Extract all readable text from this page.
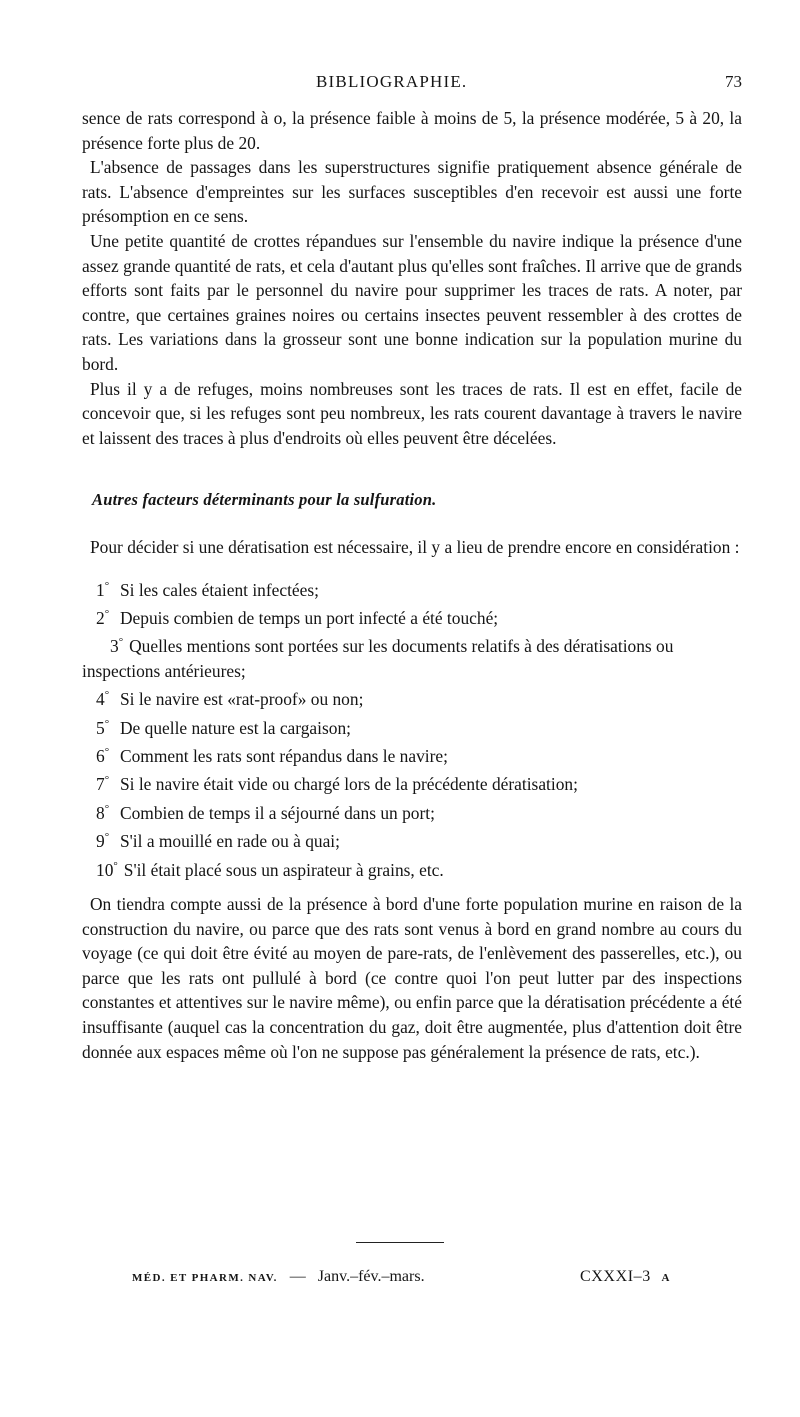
BIBLIOGRAPHIE.	73

sence de rats correspond à o, la présence faible à moins de 5, la présence modérée, 5 à 20, la présence forte plus de 20.

L'absence de passages dans les superstructures signifie pratiquement absence générale de rats. L'absence d'empreintes sur les surfaces susceptibles d'en recevoir est aussi une forte présomption en ce sens.

Une petite quantité de crottes répandues sur l'ensemble du navire indique la présence d'une assez grande quantité de rats, et cela d'autant plus qu'elles sont fraîches. Il arrive que de grands efforts sont faits par le personnel du navire pour supprimer les traces de rats. A noter, par contre, que certaines graines noires ou certains insectes peuvent ressembler à des crottes de rats. Les variations dans la grosseur sont une bonne indication sur la population murine du bord.

Plus il y a de refuges, moins nombreuses sont les traces de rats. Il est en effet, facile de concevoir que, si les refuges sont peu nombreux, les rats courent davantage à travers le navire et laissent des traces à plus d'endroits où elles peuvent être décelées.

Autres facteurs déterminants pour la sulfuration.

Pour décider si une dératisation est nécessaire, il y a lieu de prendre encore en considération :

1° Si les cales étaient infectées;
2° Depuis combien de temps un port infecté a été touché;
3° Quelles mentions sont portées sur les documents relatifs à des dératisations ou inspections antérieures;
4° Si le navire est «rat-proof» ou non;
5° De quelle nature est la cargaison;
6° Comment les rats sont répandus dans le navire;
7° Si le navire était vide ou chargé lors de la précédente dératisation;
8° Combien de temps il a séjourné dans un port;
9° S'il a mouillé en rade ou à quai;
10° S'il était placé sous un aspirateur à grains, etc.

On tiendra compte aussi de la présence à bord d'une forte population murine en raison de la construction du navire, ou parce que des rats sont venus à bord en grand nombre au cours du voyage (ce qui doit être évité au moyen de pare-rats, de l'enlèvement des passerelles, etc.), ou parce que les rats ont pullulé à bord (ce contre quoi l'on peut lutter par des inspections constantes et attentives sur le navire même), ou enfin parce que la dératisation précédente a été insuffisante (auquel cas la concentration du gaz, doit être augmentée, plus d'attention doit être donnée aux espaces même où l'on ne suppose pas généralement la présence de rats, etc.).

MÉD. ET PHARM. NAV. — Janv.–fév.–mars.	CXXXI–3 A
